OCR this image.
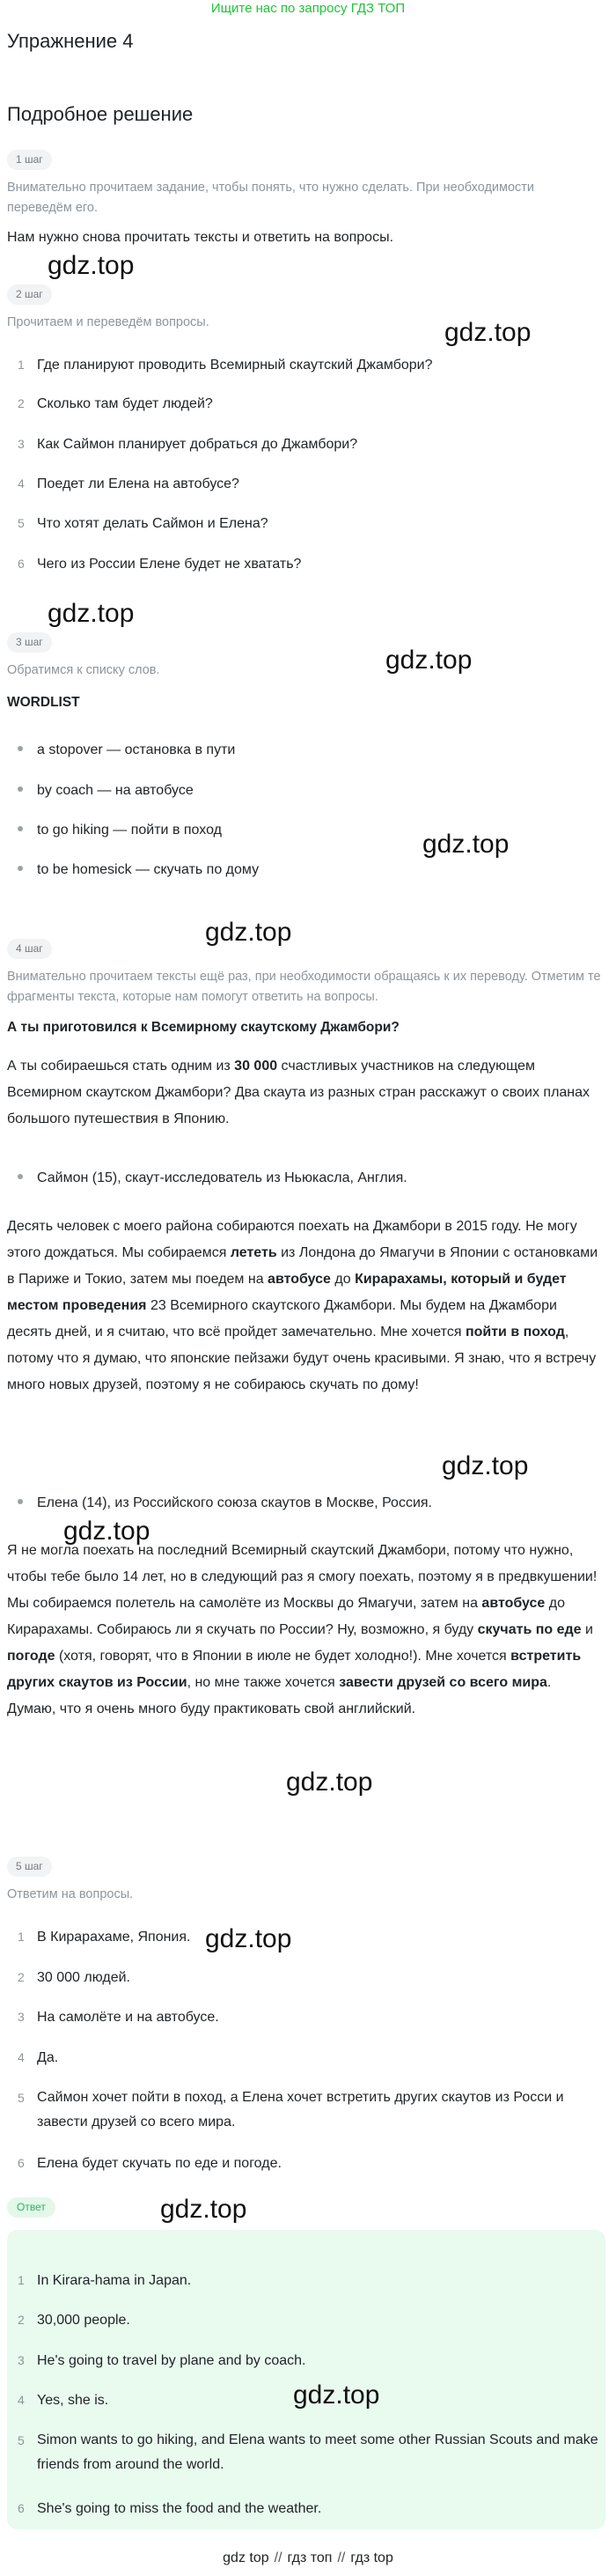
Ищите нас по запросу ГДЗ ТОП
Упражнение 4
Подробное решение
1 шаг

Внимательно прочитаем задание, чтобы понять, что нужно сделать. При необходимости переведём его.

Нам нужно снова прочитать тексты и ответить на вопросы.

2 шаг

Прочитаем и переведём вопросы.

1 Где планируют проводить Всемирный скаутский Джамбори?
2 Сколько там будет людей?
3 Как Саймон планирует добраться до Джамбори?
4 Поедет ли Елена на автобусе?
5 Что хотят делать Саймон и Елена?
6 Чего из России Елене будет не хватать?
3 шаг

Обратимся к списку слов.

WORDLIST

a stopover — остановка в пути
by coach — на автобусе
to go hiking — пойти в поход
to be homesick — скучать по дому
4 шаг

Внимательно прочитаем тексты ещё раз, при необходимости обращаясь к их переводу. Отметим те фрагменты текста, которые нам помогут ответить на вопросы.

А ты приготовился к Всемирному скаутскому Джамбори?

А ты собираешься стать одним из 30 000 счастливых участников на следующем Всемирном скаутском Джамбори? Два скаута из разных стран расскажут о своих планах большого путешествия в Японию.

Саймон (15), скаут-исследователь из Ньюкасла, Англия.

Десять человек с моего района собираются поехать на Джамбори в 2015 году. Не могу этого дождаться. Мы собираемся лететь из Лондона до Ямагучи в Японии с остановками в Париже и Токио, затем мы поедем на автобусе до Кирарахамы, который и будет местом проведения 23 Всемирного скаутского Джамбори. Мы будем на Джамбори десять дней, и я считаю, что всё пройдет замечательно. Мне хочется пойти в поход, потому что я думаю, что японские пейзажи будут очень красивыми. Я знаю, что я встречу много новых друзей, поэтому я не собираюсь скучать по дому!

Елена (14), из Российского союза скаутов в Москве, Россия.

Я не могла поехать на последний Всемирный скаутский Джамбори, потому что нужно, чтобы тебе было 14 лет, но в следующий раз я смогу поехать, поэтому я в предвкушении! Мы собираемся полетель на самолёте из Москвы до Ямагучи, затем на автобусе до Кирарахамы. Собираюсь ли я скучать по России? Ну, возможно, я буду скучать по еде и погоде (хотя, говорят, что в Японии в июле не будет холодно!). Мне хочется встретить других скаутов из России, но мне также хочется завести друзей со всего мира. Думаю, что я очень много буду практиковать свой английский.

5 шаг

Ответим на вопросы.

1 В Кирарахаме, Япония.
2 30 000 людей.
3 На самолёте и на автобусе.
4 Да.
5 Саймон хочет пойти в поход, а Елена хочет встретить других скаутов из Росси и завести друзей со всего мира.
6 Елена будет скучать по еде и погоде.
Ответ
1 In Kirara-hama in Japan.
2 30,000 people.
3 He's going to travel by plane and by coach.
4 Yes, she is.
5 Simon wants to go hiking, and Elena wants to meet some other Russian Scouts and make friends from around the world.
6 She's going to miss the food and the weather.
gdz.top
gdz.top
gdz.top
gdz.top
gdz.top
gdz.top
gdz.top
gdz.top
gdz.top
gdz.top
gdz.top
gdz.top
gdz top // гдз топ // гдз top
